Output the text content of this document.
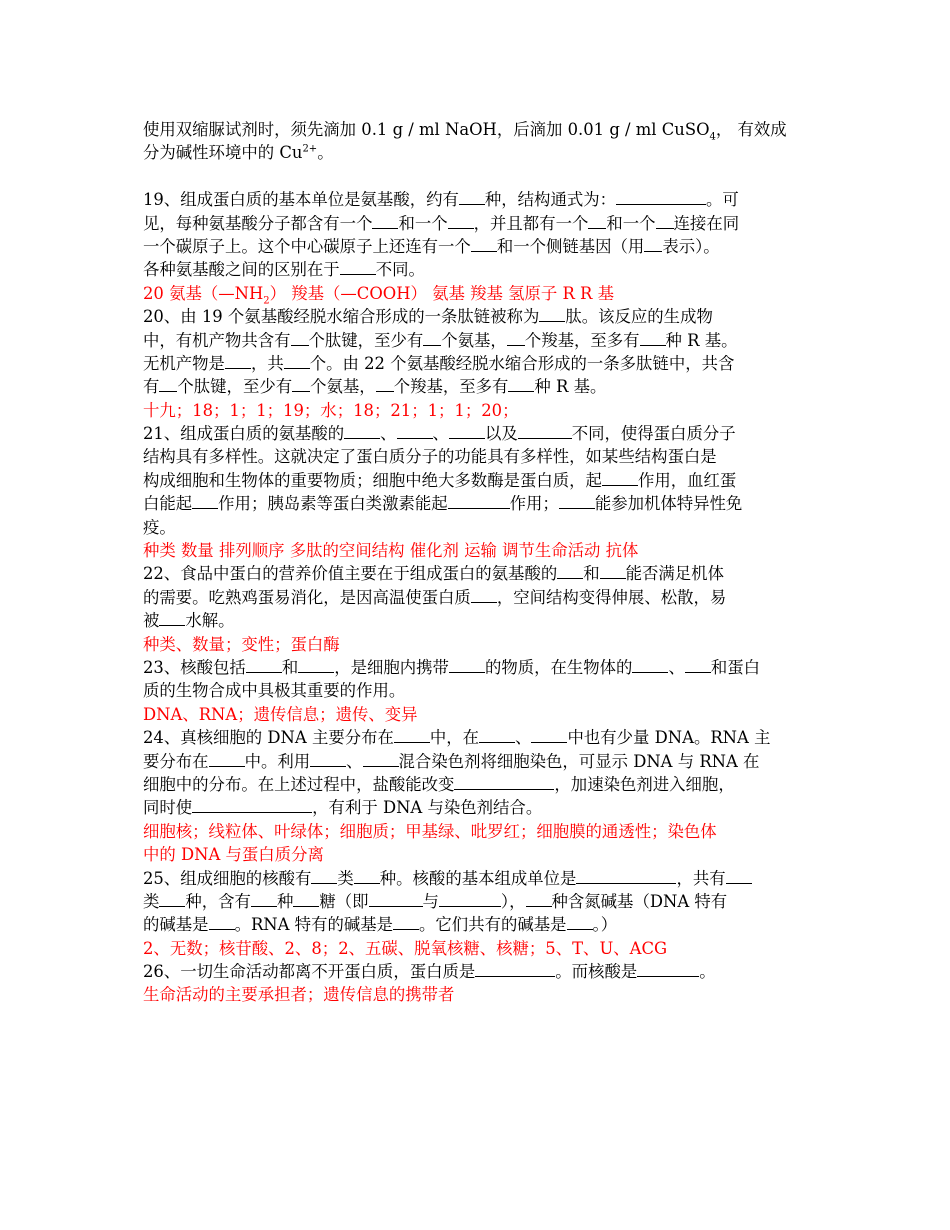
使用双缩脲试剂时，须先滴加 0.1 g / ml NaOH，后滴加 0.01 g / ml CuSO$_4$， 有效成
分为碱性环境中的 $Cu^{2+}$。
19、组成蛋白质的基本单位是氨基酸，约有 种，结构通式为：	。可
见，每种氨基酸分子都含有一个 和一个 ，并且都有一个 和一个 连接在同
一个碳原子上。这个中心碳原子上还连有一个 和一个侧链基因（用 表示）。
各种氨基酸之间的区别在于 不同。
20 氨基$(—NH_2)$ 羧基（—COOH） 氨基 羧基 氢原子 R R 基
20、由 19 个氨基酸经脱水缩合形成的一条肽链被称为 肽。该反应的生成物
中，有机产物共含有 个肽键，至少有 个氨基， 个羧基，至多有 种 R 基。
无机产物是 ，共 个。由 22 个氨基酸经脱水缩合形成的一条多肽链中，共含
有 个肽键，至少有 个氨基， 个羧基，至多有 种 R 基。
十九；18；1；1；19；水；18；21；1；1；20；
21、组成蛋白质的氨基酸的 、 、 以及	不同，使得蛋白质分子
结构具有多样性。这就决定了蛋白质分子的功能具有多样性，如某些结构蛋白是
构成细胞和生物体的重要物质；细胞中绝大多数酶是蛋白质，起 作用，血红蛋
白能起 作用；胰岛素等蛋白类激素能起	作用； 能参加机体特异性免
疫。
种类 数量 排列顺序 多肽的空间结构 催化剂 运输 调节生命活动 抗体
22、食品中蛋白的营养价值主要在于组成蛋白的氨基酸的 和 能否满足机体
的需要。吃熟鸡蛋易消化，是因高温使蛋白质 ，空间结构变得伸展、松散，易
被 水解。
种类、数量；变性；蛋白酶
23、核酸包括 和 ，是细胞内携带 的物质，在生物体的 、 和蛋白
质的生物合成中具极其重要的作用。
DNA、RNA；遗传信息；遗传、变异
24、真核细胞的 DNA 主要分布在 中，在 、 中也有少量 DNA。RNA 主
要分布在 中。利用 、 混合染色剂将细胞染色，可显示 DNA 与 RNA 在
细胞中的分布。在上述过程中，盐酸能改变	，加速染色剂进入细胞，
同时使	，有利于 DNA 与染色剂结合。
细胞核；线粒体、叶绿体；细胞质；甲基绿、吡罗红；细胞膜的通透性；染色体
中的 DNA 与蛋白质分离
25、组成细胞的核酸有 类 种。核酸的基本组成单位是	，共有
类 种，含有 种 糖（即	与	）， 种含氮碱基（DNA 特有
的碱基是 。RNA 特有的碱基是 。它们共有的碱基是 。）
2、无数；核苷酸、2、8；2、五碳、脱氧核糖、核糖；5、T、U、ACG
26、一切生命活动都离不开蛋白质，蛋白质是	。而核酸是	。
生命活动的主要承担者；遗传信息的携带者
